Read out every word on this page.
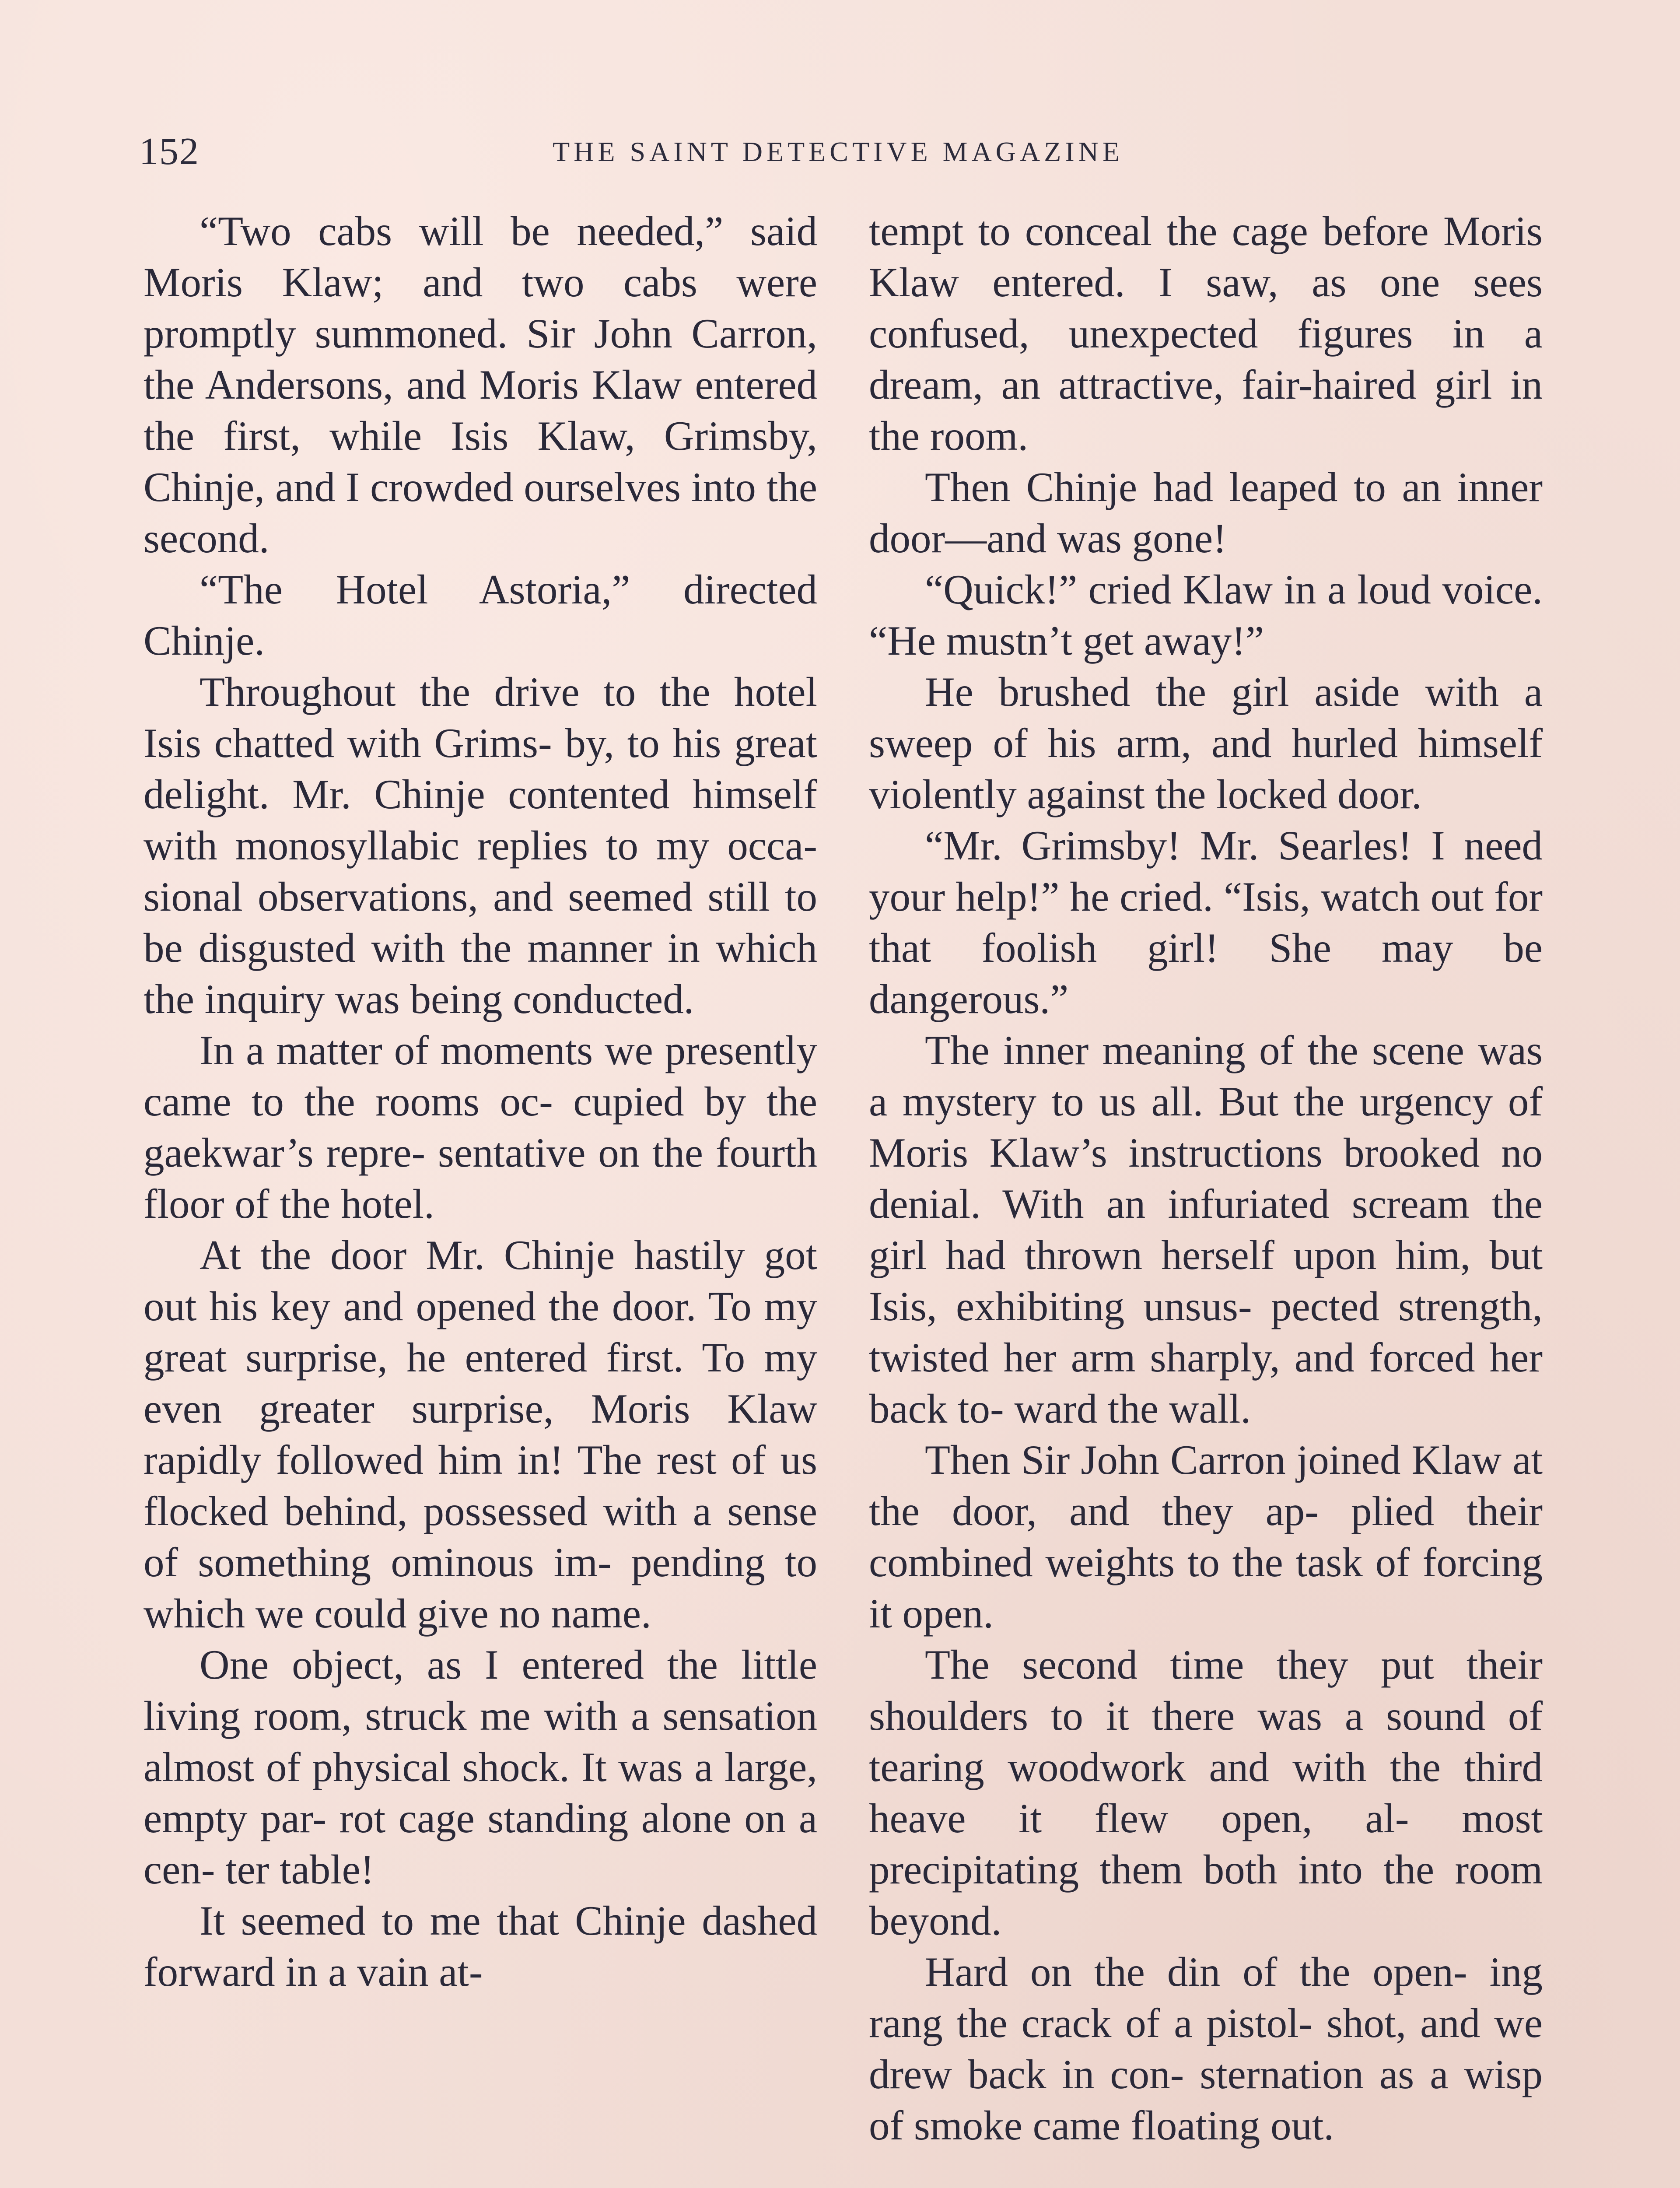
152	THE SAINT DETECTIVE MAGAZINE

“Two cabs will be needed,” said Moris Klaw; and two cabs were promptly summoned. Sir John Carron, the Andersons, and Moris Klaw entered the first, while Isis Klaw, Grimsby, Chinje, and I crowded ourselves into the second.

“The Hotel Astoria,” directed Chinje.

Throughout the drive to the hotel Isis chatted with Grims- by, to his great delight. Mr. Chinje contented himself with monosyllabic replies to my occa- sional observations, and seemed still to be disgusted with the manner in which the inquiry was being conducted.

In a matter of moments we presently came to the rooms oc- cupied by the gaekwar’s repre- sentative on the fourth floor of the hotel.

At the door Mr. Chinje hastily got out his key and opened the door. To my great surprise, he entered first. To my even greater surprise, Moris Klaw rapidly followed him in! The rest of us flocked behind, possessed with a sense of something ominous im- pending to which we could give no name.

One object, as I entered the little living room, struck me with a sensation almost of physical shock. It was a large, empty par- rot cage standing alone on a cen- ter table!

It seemed to me that Chinje dashed forward in a vain at-

tempt to conceal the cage before Moris Klaw entered. I saw, as one sees confused, unexpected figures in a dream, an attractive, fair-haired girl in the room.

Then Chinje had leaped to an inner door—and was gone!

“Quick!” cried Klaw in a loud voice. “He mustn’t get away!”

He brushed the girl aside with a sweep of his arm, and hurled himself violently against the locked door.

“Mr. Grimsby! Mr. Searles! I need your help!” he cried. “Isis, watch out for that foolish girl! She may be dangerous.”

The inner meaning of the scene was a mystery to us all. But the urgency of Moris Klaw’s instructions brooked no denial. With an infuriated scream the girl had thrown herself upon him, but Isis, exhibiting unsus- pected strength, twisted her arm sharply, and forced her back to- ward the wall.

Then Sir John Carron joined Klaw at the door, and they ap- plied their combined weights to the task of forcing it open.

The second time they put their shoulders to it there was a sound of tearing woodwork and with the third heave it flew open, al- most precipitating them both into the room beyond.

Hard on the din of the open- ing rang the crack of a pistol- shot, and we drew back in con- sternation as a wisp of smoke came floating out.
